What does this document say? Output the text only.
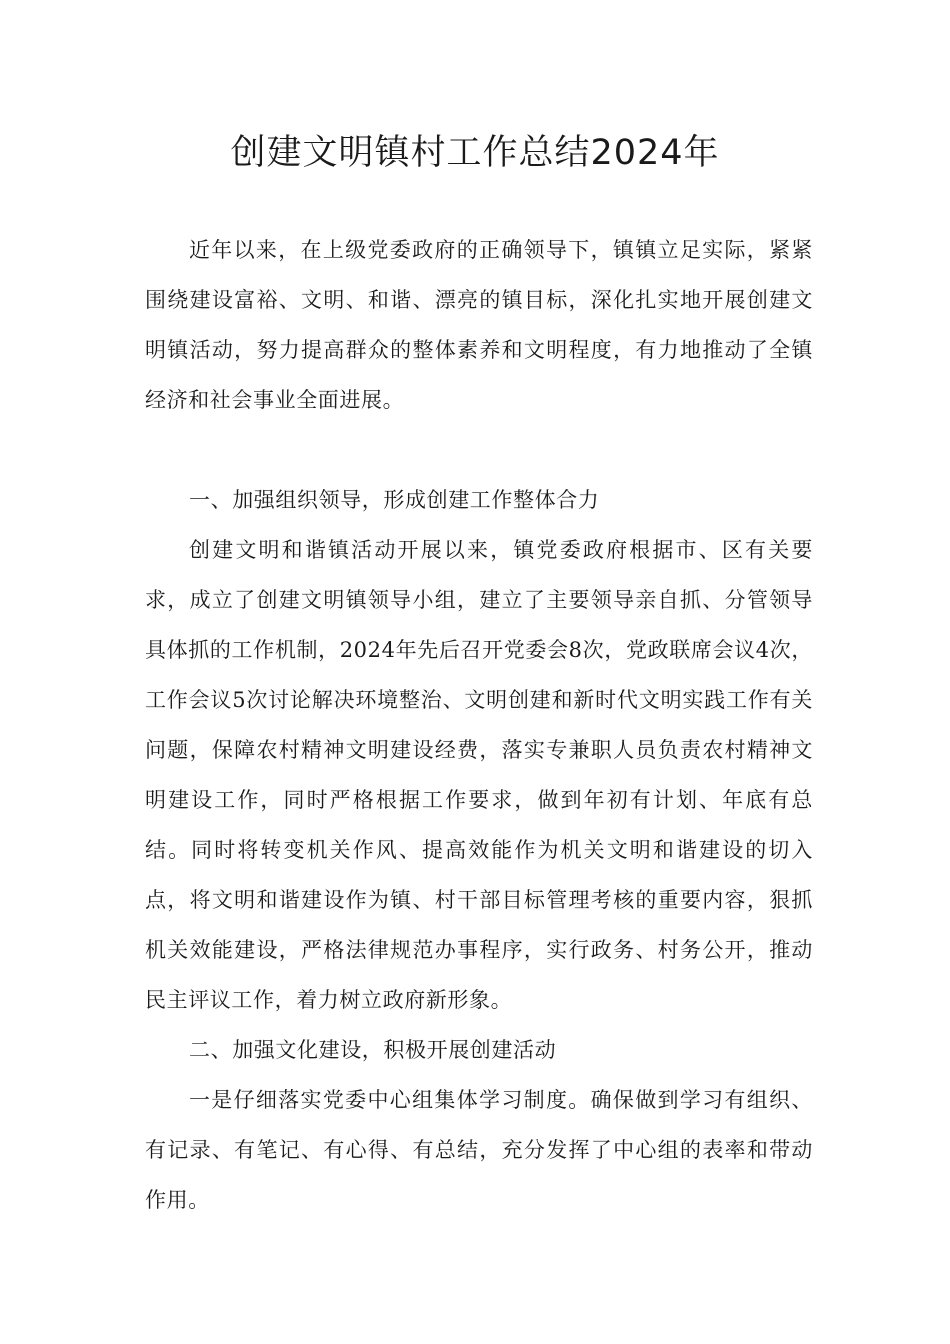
创建文明镇村工作总结2024年

近年以来，在上级党委政府的正确领导下，镇镇立足实际，紧紧围绕建设富裕、文明、和谐、漂亮的镇目标，深化扎实地开展创建文明镇活动，努力提高群众的整体素养和文明程度，有力地推动了全镇经济和社会事业全面进展。

一、加强组织领导，形成创建工作整体合力

创建文明和谐镇活动开展以来，镇党委政府根据市、区有关要求，成立了创建文明镇领导小组，建立了主要领导亲自抓、分管领导具体抓的工作机制，2024年先后召开党委会8次，党政联席会议4次，工作会议5次讨论解决环境整治、文明创建和新时代文明实践工作有关问题，保障农村精神文明建设经费，落实专兼职人员负责农村精神文明建设工作，同时严格根据工作要求，做到年初有计划、年底有总结。同时将转变机关作风、提高效能作为机关文明和谐建设的切入点，将文明和谐建设作为镇、村干部目标管理考核的重要内容，狠抓机关效能建设，严格法律规范办事程序，实行政务、村务公开，推动民主评议工作，着力树立政府新形象。

二、加强文化建设，积极开展创建活动

一是仔细落实党委中心组集体学习制度。确保做到学习有组织、有记录、有笔记、有心得、有总结，充分发挥了中心组的表率和带动作用。
